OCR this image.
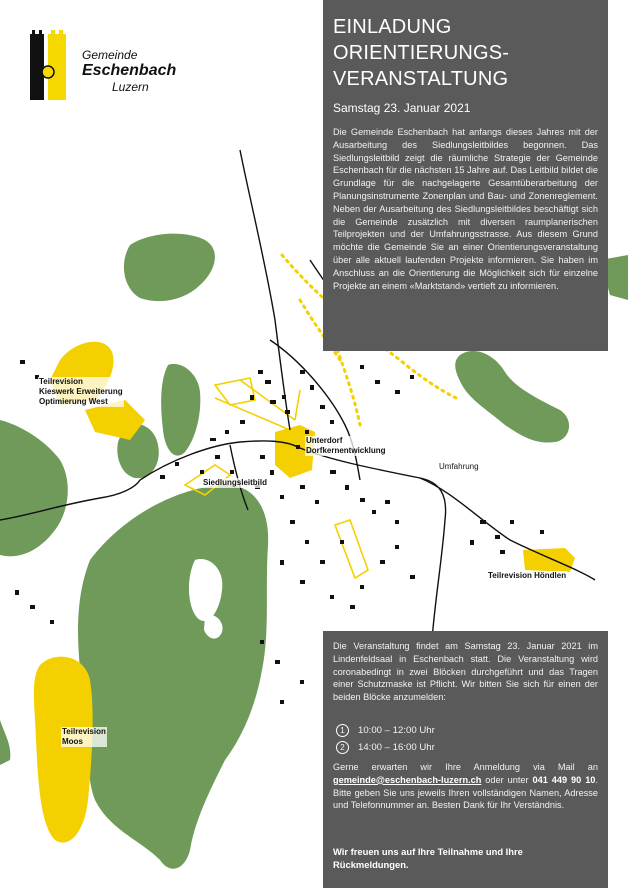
Gemeinde
Eschenbach
Luzern
Teilrevision
Kieswerk Erweiterung
Optimierung West
Unterdorf
Dorfkernentwicklung
Siedlungsleitbild
Umfahrung
Teilrevision Höndlen
Teilrevision
Moos
EINLADUNG
ORIENTIERUNGS-
VERANSTALTUNG
Samstag 23. Januar 2021
Die Gemeinde Eschenbach hat anfangs dieses Jahres mit der Ausarbeitung des Siedlungsleitbildes begonnen. Das Siedlungsleitbild zeigt die räumliche Strategie der Gemeinde Eschenbach für die nächsten 15 Jahre auf. Das Leitbild bildet die Grundlage für die nachgelagerte Gesamtüberarbeitung der Planungsinstrumente Zonenplan und Bau- und Zonenreglement. Neben der Ausarbeitung des Siedlungsleitbildes beschäftigt sich die Gemeinde zusätzlich mit diversen raumplanerischen Teilprojekten und der Umfahrungsstrasse. Aus diesem Grund möchte die Gemeinde Sie an einer Orientierungsveranstaltung über alle aktuell laufenden Projekte informieren. Sie haben im Anschluss an die Orientierung die Möglichkeit sich für einzelne Projekte an einem «Marktstand» vertieft zu informieren.
Die Veranstaltung findet am Samstag 23. Januar 2021 im Lindenfeldsaal in Eschenbach statt. Die Veranstaltung wird coronabedingt in zwei Blöcken durchgeführt und das Tragen einer Schutzmaske ist Pflicht. Wir bitten Sie sich für einen der beiden Blöcke anzumelden:
1	10:00 – 12:00 Uhr
2	14:00 – 16:00 Uhr
Gerne erwarten wir Ihre Anmeldung via Mail an gemeinde@eschenbach-luzern.ch oder unter 041 449 90 10. Bitte geben Sie uns jeweils Ihren vollständigen Namen, Adresse und Telefonnummer an. Besten Dank für Ihr Verständnis.
Wir freuen uns auf Ihre Teilnahme und Ihre Rückmeldungen.
